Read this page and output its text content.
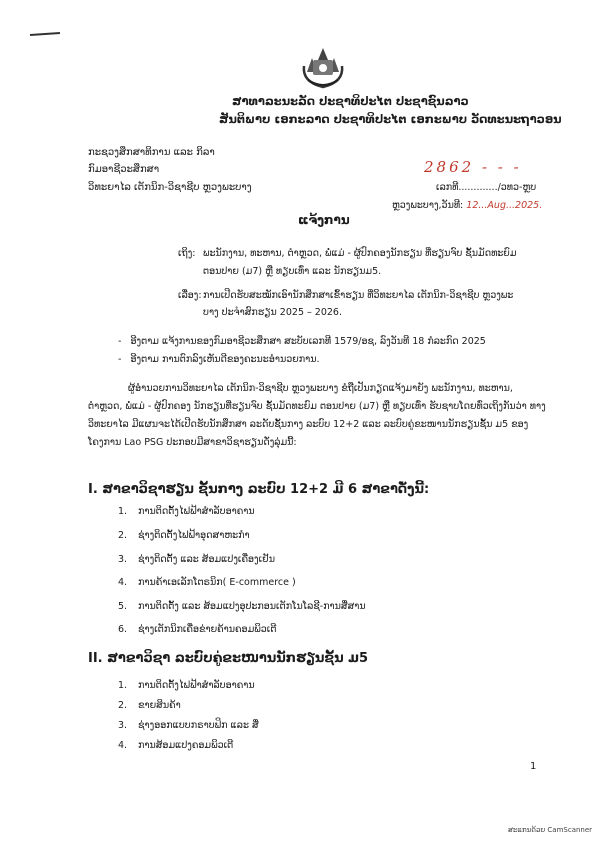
ສາທາລະນະລັດ ປະຊາທິປະໄຕ ປະຊາຊົນລາວ
ສັນຕິພາບ ເອກະລາດ ປະຊາທິປະໄຕ ເອກະພາບ ວັດທະນະຖາວອນ
ກະຊວງສຶກສາທິການ ແລະ ກິລາ
ກົມອາຊີວະສຶກສາ
ວິທະຍາໄລ ເຕັກນິກ-ວິຊາຊີບ ຫຼວງພະບາງ
2862 - - -
ເລກທີ............./ວທວ-ຫຼບ
ຫຼວງພະບາງ,ວັນທີ: 12...Aug...2025.
ແຈ້ງການ
ເຖິງ: ພະນັກງານ, ທະຫານ, ຕຳຫຼວດ, ພໍ່ແມ່ - ຜູ້ປົກຄອງນັກຮຽນ ທີ່ຮຽນຈົບ ຊັ້ນມັດທະຍົມ
ຕອນປາຍ (ມ7) ຫຼື ທຽບເທົ່າ ແລະ ນັກຮຽນມ5.
ເລື່ອງ: ການເປີດຮັບສະໝັກເອົານັກສຶກສາເຂົ້າຮຽນ ທີ່ວິທະຍາໄລ ເຕັກນິກ-ວິຊາຊີບ ຫຼວງພະ
ບາງ ປະຈຳສົກຮຽນ 2025 – 2026.
-   ອີງຕາມ ແຈ້ງການຂອງກົມອາຊີວະສຶກສາ ສະບັບເລກທີ 1579/ອຊ, ລົງວັນທີ 18 ກໍລະກົດ 2025
-   ອີງຕາມ ການຕົກລົງເຫັນດີຂອງຄະນະອຳນວຍການ.
ຜູ້ອຳນວຍການວິທະຍາໄລ ເຕັກນິກ-ວິຊາຊີບ ຫຼວງພະບາງ ຂໍຖືເປັນກຽດແຈ້ງມາຍັງ ພະນັກງານ, ທະຫານ, ຕຳຫຼວດ, ພໍ່ແມ່ - ຜູ້ປົກຄອງ ນັກຮຽນທີ່ຮຽນຈົບ ຊັ້ນມັດທະຍົມ ຕອນປາຍ (ມ7) ຫຼື ທຽບເທົ່າ ຮັບຊາບໂດຍທົ່ວເຖິງກັນວ່າ ທາງວິທະຍາໄລ ມີແຜນຈະໄດ້ເປີດຮັບນັກສຶກສາ ລະດັບຊັ້ນກາງ ລະບົບ 12+2 ແລະ ລະບົບຄູ່ຂະໜານນັກຮຽນຊັ້ນ ມ5 ຂອງໂຄງການ Lao PSG ປະກອບມີສາຂາວິຊາຮຽນດັ່ງລຸ່ມນີ້:
I. ສາຂາວິຊາຮຽນ ຊັ້ນກາງ ລະບົບ 12+2 ມີ 6 ສາຂາດັ່ງນີ້:
1. ການຕິດຕັ້ງໄຟຟ້າສຳລັບອາຄານ
2. ຊ່າງຕິດຕັ້ງໄຟຟ້າອຸດສາຫະກຳ
3. ຊ່າງຕິດຕັ້ງ ແລະ ສ້ອມແປງເຄື່ອງເຢັນ
4. ການຄ້າເອເລັກໂຕຣນິກ( E-commerce )
5. ການຕິດຕັ້ງ ແລະ ສ້ອມແປງອຸປະກອນເຕັກໂນໂລຊີ-ການສື່ສານ
6. ຊ່າງເຕັກນິກເຄື່ອຂ່າຍຄ້ານຄອມພິວເຕີ
II. ສາຂາວິຊາ ລະບົບຄູ່ຂະໜານນັກຮຽນຊັ້ນ ມ5
1. ການຕິດຕັ້ງໄຟຟ້າສຳລັບອາຄານ
2. ຂາຍສິນຄ້າ
3. ຊ່າງອອກແບບກຣາບຟິກ ແລະ ສື່
4. ການສ້ອມແປງຄອມພິວເຕີ
1
ສະແກນດ້ວຍ CamScanner
